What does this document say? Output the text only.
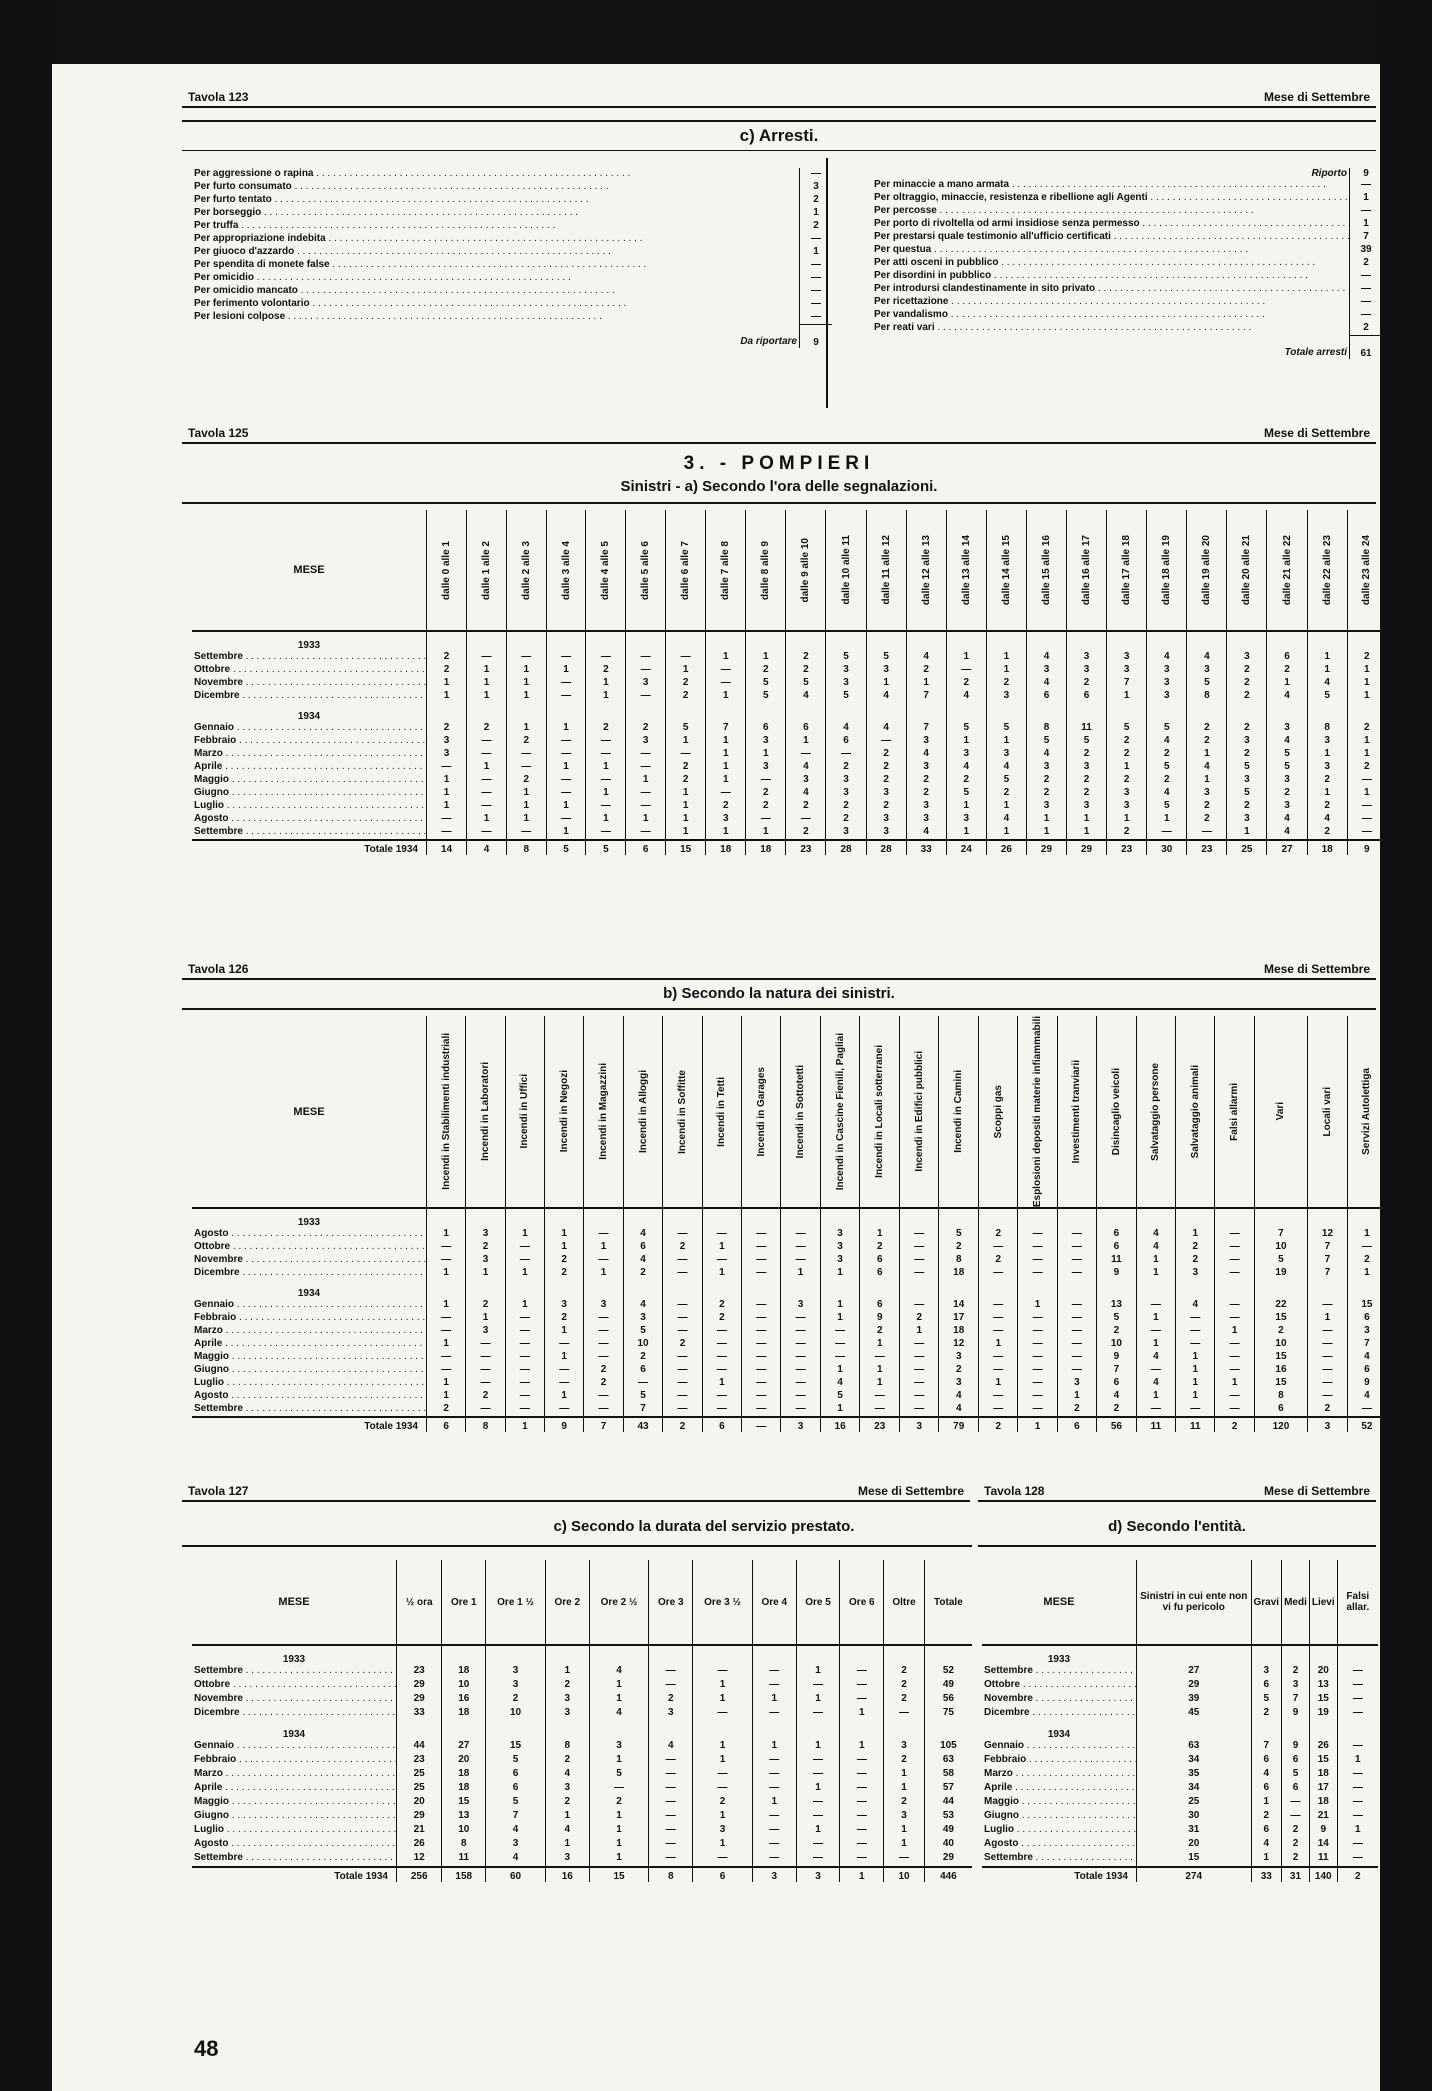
Tavola 123	Mese di Settembre
c) Arresti.
Per aggressione o rapina . . .	—
Per furto consumato . . .	3
Per furto tentato . . .	2
Per borseggio . . .	1
Per truffa . . .	2
Per appropriazione indebita . . .	—
Per giuoco d'azzardo . . .	1
Per spendita di monete false . . .	—
Per omicidio . . .	—
Per omicidio mancato . . .	—
Per ferimento volontario . . .	—
Per lesioni colpose . . .	—
Da riportare	9
Riporto	9
Per minaccie a mano armata . . .	—
Per oltraggio, minaccie, resistenza e ribellione agli Agenti . . .	1
Per percosse . . .	—
Per porto di rivoltella od armi insidiose senza permesso . . .	1
Per prestarsi quale testimonio all'ufficio certificati . . .	7
Per questua . . .	39
Per atti osceni in pubblico . . .	2
Per disordini in pubblico . . .	—
Per introdursi clandestinamente in sito privato . . .	—
Per ricettazione . . .	—
Per vandalismo . . .	—
Per reati vari . . .	2
Totale arresti	61
Tavola 125	Mese di Settembre
3. - POMPIERI
Sinistri - a) Secondo l'ora delle segnalazioni.
MESE	dalle 0 alle 1	dalle 1 alle 2	dalle 2 alle 3	dalle 3 alle 4	dalle 4 alle 5	dalle 5 alle 6	dalle 6 alle 7	dalle 7 alle 8	dalle 8 alle 9	dalle 9 alle 10	dalle 10 alle 11	dalle 11 alle 12	dalle 12 alle 13	dalle 13 alle 14	dalle 14 alle 15	dalle 15 alle 16	dalle 16 alle 17	dalle 17 alle 18	dalle 18 alle 19	dalle 19 alle 20	dalle 20 alle 21	dalle 21 alle 22	dalle 22 alle 23	dalle 23 alle 24

1933																								
Settembre . . .	2	—	—	—	—	—	—	1	1	2	5	5	4	1	1	4	3	3	4	4	3	6	1	2
Ottobre . . .	2	1	1	1	2	—	1	—	2	2	3	3	2	—	1	3	3	3	3	3	2	2	1	1
Novembre . . .	1	1	1	—	1	3	2	—	5	5	3	1	1	2	2	4	2	7	3	5	2	1	4	1
Dicembre . . .	1	1	1	—	1	—	2	1	5	4	5	4	7	4	3	6	6	1	3	8	2	4	5	1
1934																								
Gennaio . . .	2	2	1	1	2	2	5	7	6	6	4	4	7	5	5	8	11	5	5	2	2	3	8	2
Febbraio . . .	3	—	2	—	—	3	1	1	3	1	6	—	3	1	1	5	5	2	4	2	3	4	3	1
Marzo . . .	3	—	—	—	—	—	—	1	1	—	—	2	4	3	3	4	2	2	2	1	2	5	1	1
Aprile . . .	—	1	—	1	1	—	2	1	3	4	2	2	3	4	4	3	3	1	5	4	5	5	3	2
Maggio . . .	1	—	2	—	—	1	2	1	—	3	3	2	2	2	5	2	2	2	2	1	3	3	2	—
Giugno . . .	1	—	1	—	1	—	1	—	2	4	3	3	2	5	2	2	2	3	4	3	5	2	1	1
Luglio . . .	1	—	1	1	—	—	1	2	2	2	2	2	3	1	1	3	3	3	5	2	2	3	2	—
Agosto . . .	—	1	1	—	1	1	1	3	—	—	2	3	3	3	4	1	1	1	1	2	3	4	4	—
Settembre . . .	—	—	—	1	—	—	1	1	1	2	3	3	4	1	1	1	1	2	—	—	1	4	2	—
Totale 1934	14	4	8	5	5	6	15	18	18	23	28	28	33	24	26	29	29	23	30	23	25	27	18	9
Tavola 126	Mese di Settembre
b) Secondo la natura dei sinistri.
MESE	Incendi in Stabilimenti industriali	Incendi in Laboratori	Incendi in Uffici	Incendi in Negozi	Incendi in Magazzini	Incendi in Alloggi	Incendi in Soffitte	Incendi in Tetti	Incendi in Garages	Incendi in Sottotetti	Incendi in Cascine Fienili, Pagliai	Incendi in Locali sotterranei	Incendi in Edifici pubblici	Incendi in Camini	Scoppi gas	Esplosioni depositi materie infiammabili	Investimenti tranviarii	Disincaglio veicoli	Salvataggio persone	Salvataggio animali	Falsi allarmi	Vari	Locali vari	Servizi Autolettiga

1933																								
Agosto . . .	1	3	1	1	—	4	—	—	—	—	3	1	—	5	2	—	—	6	4	1	—	7	12	1
Ottobre . . .	—	2	—	1	1	6	2	1	—	—	3	2	—	2	—	—	—	6	4	2	—	10	7	—
Novembre . . .	—	3	—	2	—	4	—	—	—	—	3	6	—	8	2	—	—	11	1	2	—	5	7	2
Dicembre . . .	1	1	1	2	1	2	—	1	—	1	1	6	—	18	—	—	—	9	1	3	—	19	7	1
1934																								
Gennaio . . .	1	2	1	3	3	4	—	2	—	3	1	6	—	14	—	1	—	13	—	4	—	22	—	15
Febbraio . . .	—	1	—	2	—	3	—	2	—	—	1	9	2	17	—	—	—	5	1	—	—	15	1	6
Marzo . . .	—	3	—	1	—	5	—	—	—	—	—	2	1	18	—	—	—	2	—	—	1	2	—	3
Aprile . . .	1	—	—	—	—	10	2	—	—	—	—	1	—	12	1	—	—	10	1	—	—	10	—	7
Maggio . . .	—	—	—	1	—	2	—	—	—	—	—	—	—	3	—	—	—	9	4	1	—	15	—	4
Giugno . . .	—	—	—	—	2	6	—	—	—	—	1	1	—	2	—	—	—	7	—	1	—	16	—	6
Luglio . . .	1	—	—	—	2	—	—	1	—	—	4	1	—	3	1	—	3	6	4	1	1	15	—	9
Agosto . . .	1	2	—	1	—	5	—	—	—	—	5	—	—	4	—	—	1	4	1	1	—	8	—	4
Settembre . . .	2	—	—	—	—	7	—	—	—	—	1	—	—	4	—	—	2	2	—	—	—	6	2	—
Totale 1934	6	8	1	9	7	43	2	6	—	3	16	23	3	79	2	1	6	56	11	11	2	120	3	52
Tavola 127	Mese di Settembre
c) Secondo la durata del servizio prestato.
MESE	½ ora	Ore 1	Ore 1 ½	Ore 2	Ore 2 ½	Ore 3	Ore 3 ½	Ore 4	Ore 5	Ore 6	Oltre	Totale

1933												
Settembre . . .	23	18	3	1	4	—	—	—	1	—	2	52
Ottobre . . .	29	10	3	2	1	—	1	—	—	—	2	49
Novembre . . .	29	16	2	3	1	2	1	1	1	—	2	56
Dicembre . . .	33	18	10	3	4	3	—	—	—	1	—	75
1934												
Gennaio . . .	44	27	15	8	3	4	1	1	1	1	3	105
Febbraio . . .	23	20	5	2	1	—	1	—	—	—	2	63
Marzo . . .	25	18	6	4	5	—	—	—	—	—	1	58
Aprile . . .	25	18	6	3	—	—	—	—	1	—	1	57
Maggio . . .	20	15	5	2	2	—	2	1	—	—	2	44
Giugno . . .	29	13	7	1	1	—	1	—	—	—	3	53
Luglio . . .	21	10	4	4	1	—	3	—	1	—	1	49
Agosto . . .	26	8	3	1	1	—	1	—	—	—	1	40
Settembre . . .	12	11	4	3	1	—	—	—	—	—	—	29
Totale 1934	256	158	60	16	15	8	6	3	3	1	10	446
Tavola 128	Mese di Settembre
d) Secondo l'entità.
MESE	Sinistri in cui ente non vi fu pericolo	Gravi	Medi	Lievi	Falsi allar.

1933					
Settembre . . .	27	3	2	20	—
Ottobre . . .	29	6	3	13	—
Novembre . . .	39	5	7	15	—
Dicembre . . .	45	2	9	19	—
1934					
Gennaio . . .	63	7	9	26	—
Febbraio . . .	34	6	6	15	1
Marzo . . .	35	4	5	18	—
Aprile . . .	34	6	6	17	—
Maggio . . .	25	1	—	18	—
Giugno . . .	30	2	—	21	—
Luglio . . .	31	6	2	9	1
Agosto . . .	20	4	2	14	—
Settembre . . .	15	1	2	11	—
Totale 1934	274	33	31	140	2
48
